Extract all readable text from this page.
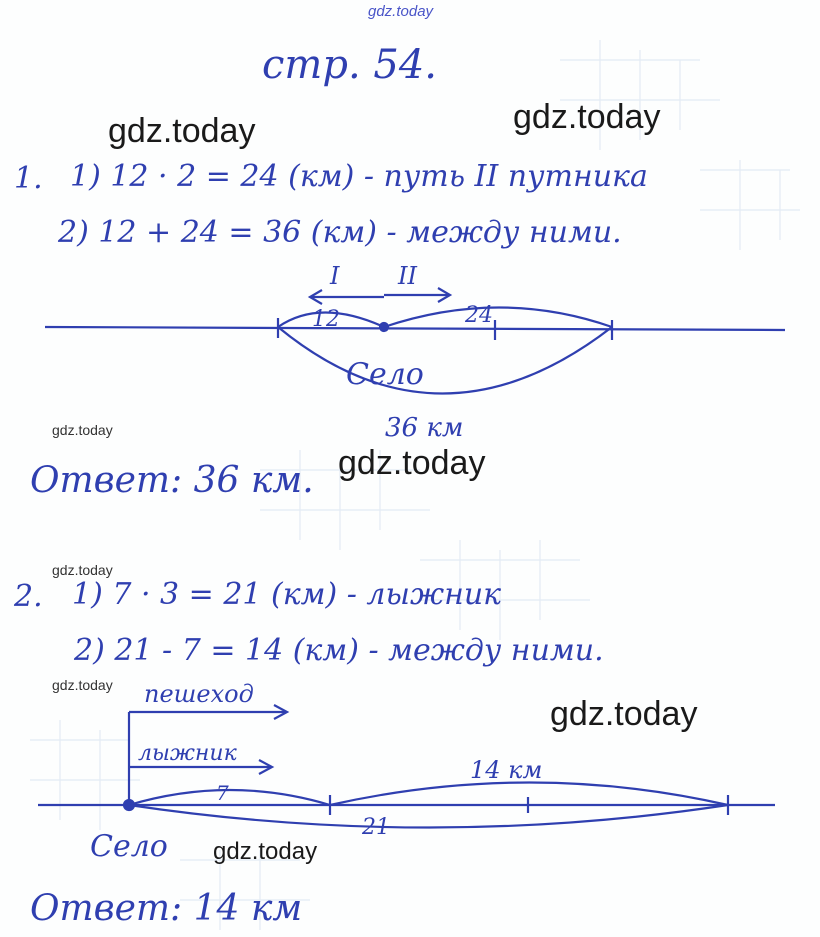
стр. 54.
1. 1) 12 · 2 = 24 (км) - путь II путника
2) 12 + 24 = 36 (км) - между ними.
I II
12	24
Село
36 км
Ответ: 36 км.
2. 1) 7 · 3 = 21 (км) - лыжник
2) 21 - 7 = 14 (км) - между ними.
пешеход
лыжник
7
14 км
21
Село
Ответ: 14 км
gdz.today
gdz.today	gdz.today
gdz.today
gdz.today
gdz.today
gdz.today
gdz.today
gdz.today
